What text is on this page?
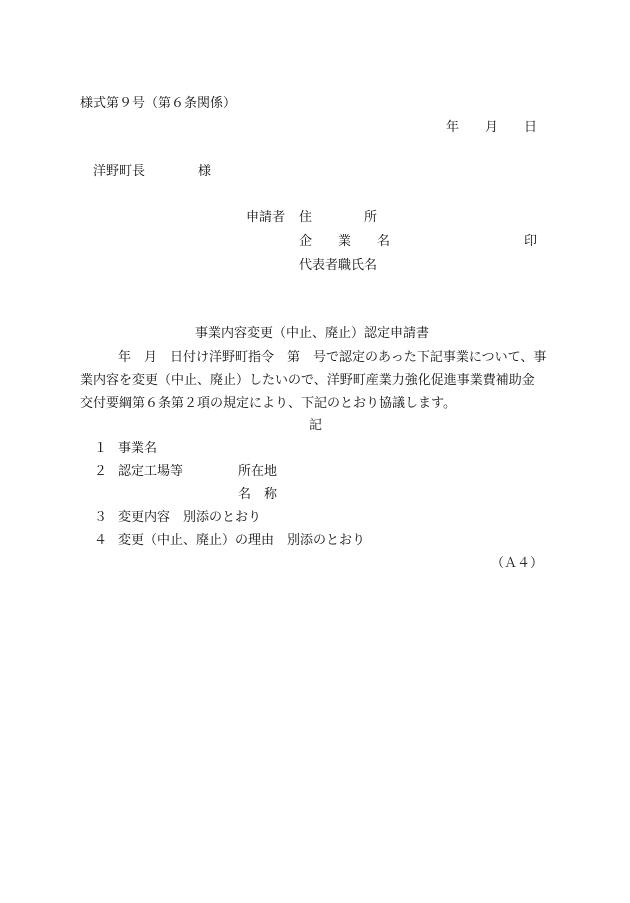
様式第９号（第６条関係）
年　　月　　日
洋野町長	様
申請者 住　　　　所
企　　業　　名	印
代表者職氏名
事業内容変更（中止、廃止）認定申請書
年　月　日付け洋野町指令　第　号で認定のあった下記事業について、事
業内容を変更（中止、廃止）したいので、洋野町産業力強化促進事業費補助金
交付要綱第６条第２項の規定により、下記のとおり協議します。
記
１ 事業名
２ 認定工場等	所在地
名　称
３ 変更内容　別添のとおり
４ 変更（中止、廃止）の理由　別添のとおり
（Ａ４）
